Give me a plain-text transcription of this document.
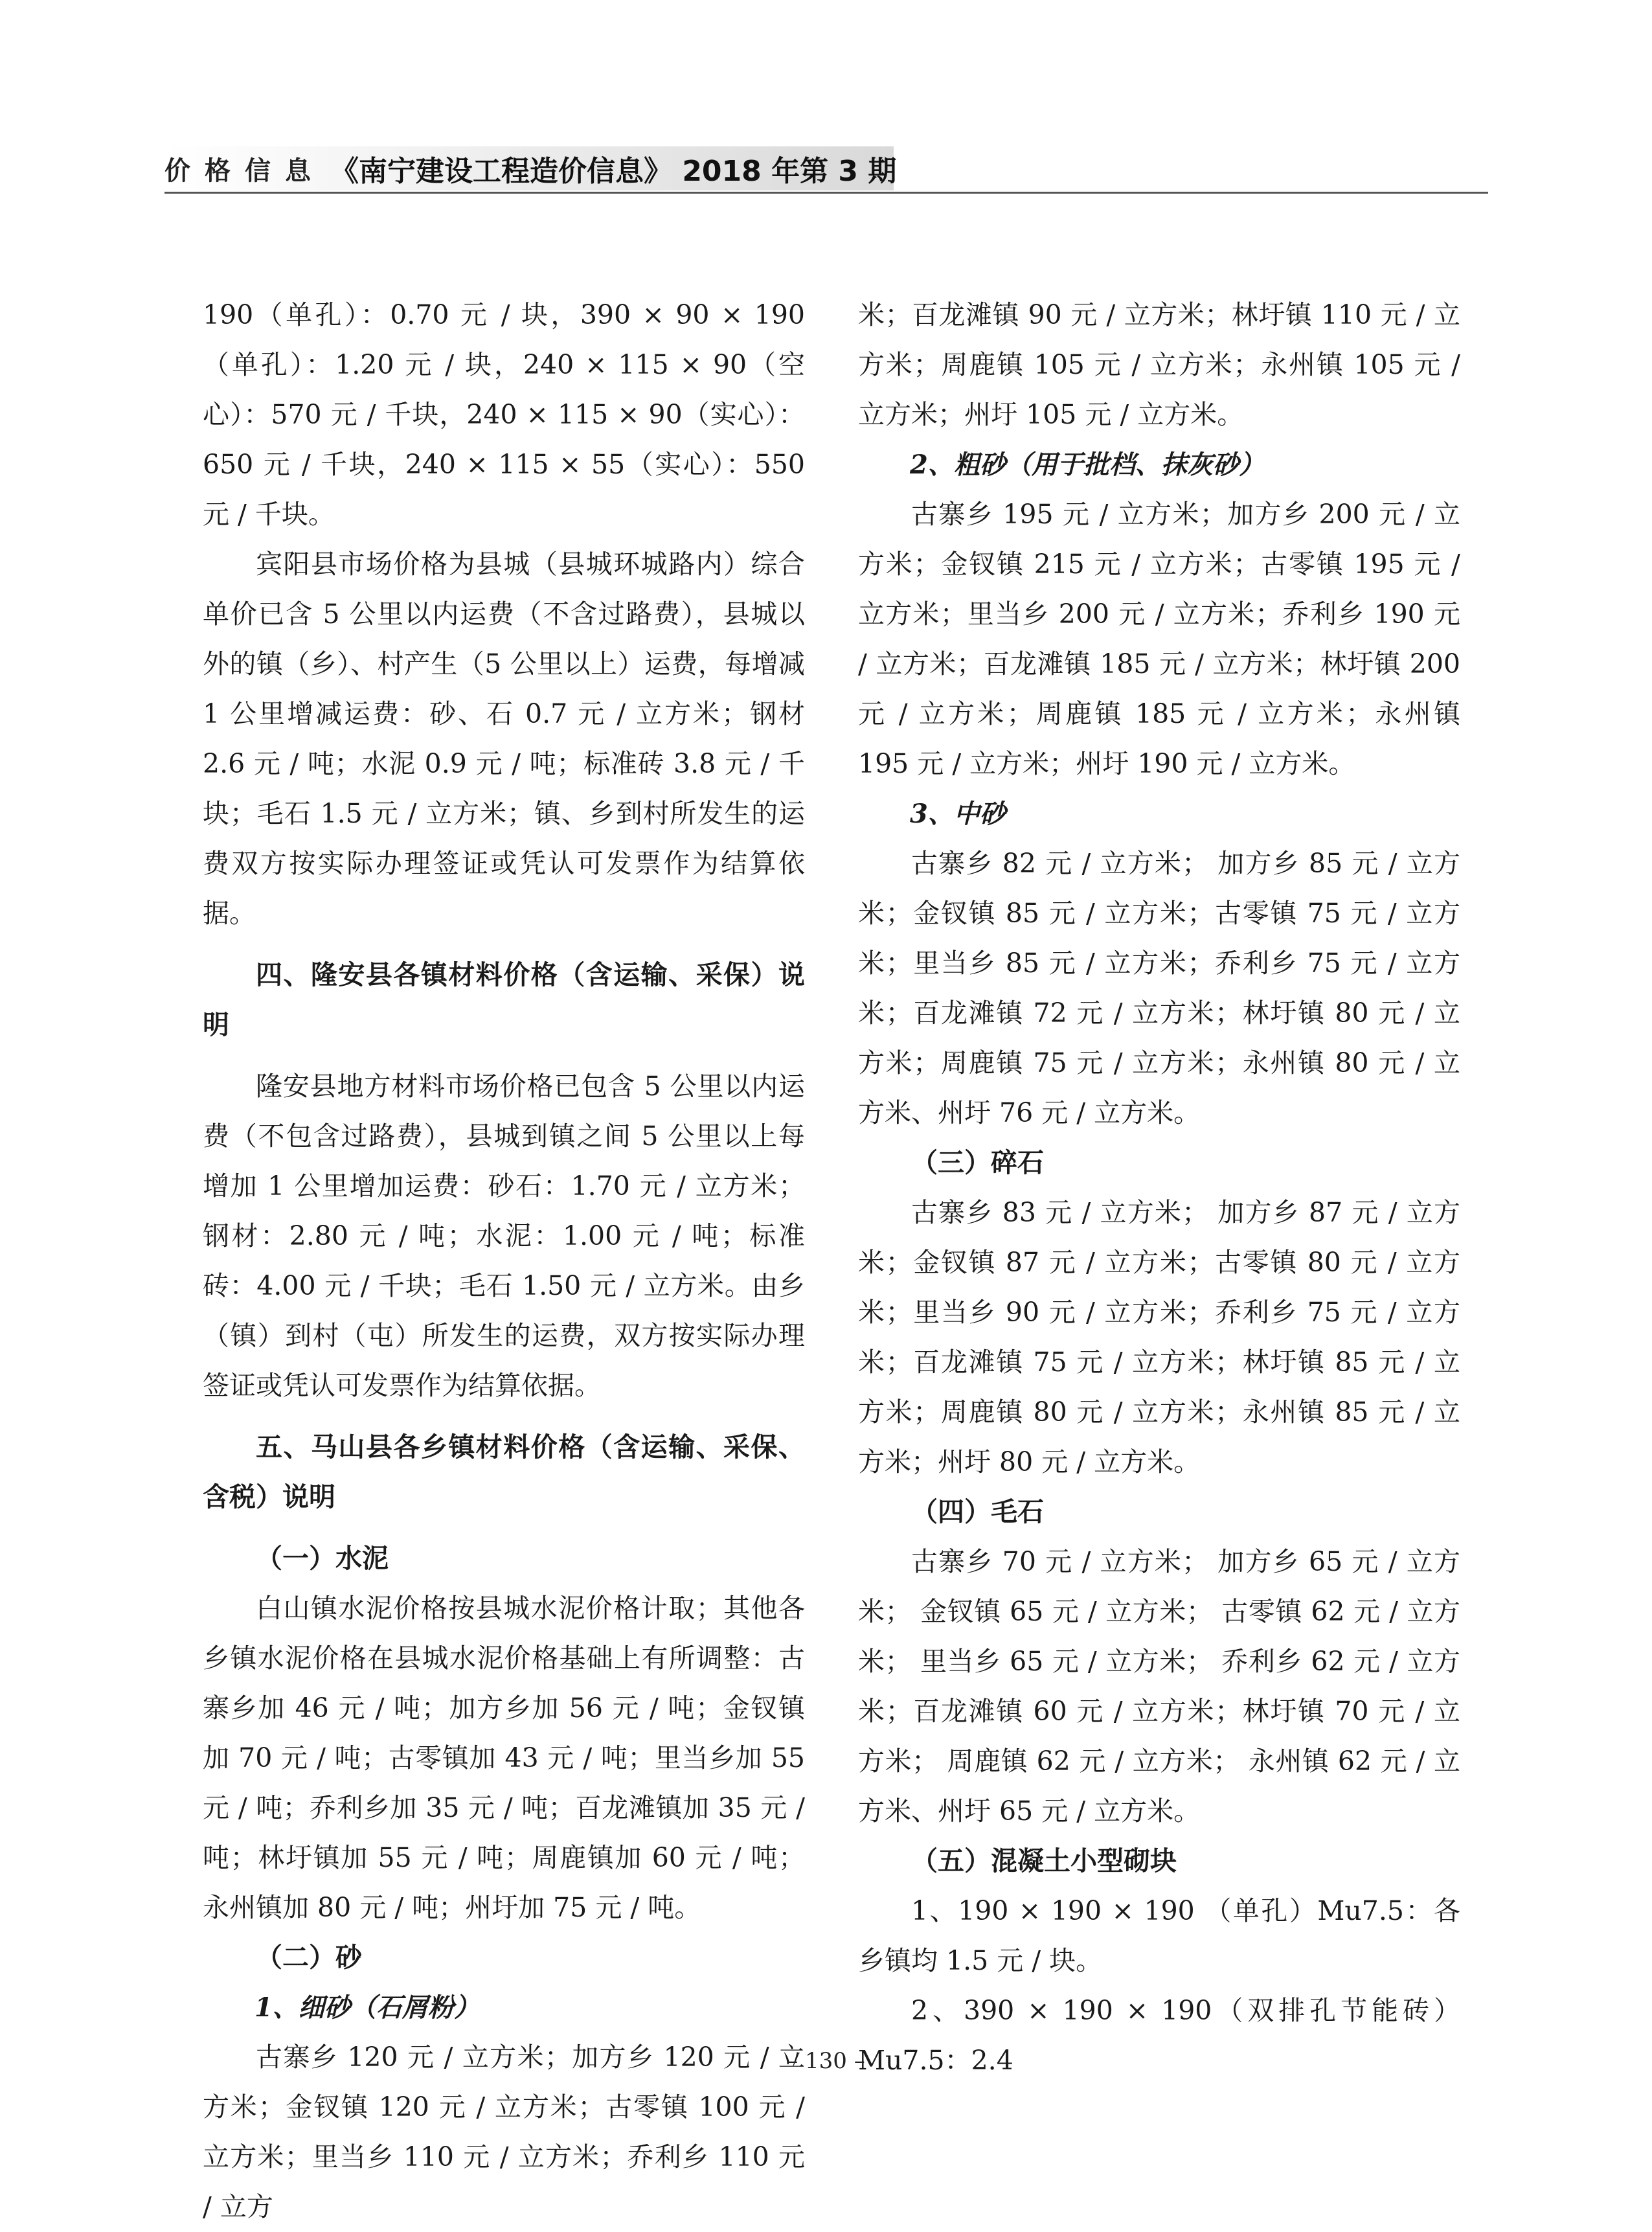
价格信息 《南宁建设工程造价信息》 2018 年第 3 期

190（单孔）：0.70 元 / 块，390 × 90 × 190（单孔）：1.20 元 / 块，240 × 115 × 90（空心）：570 元 / 千块，240 × 115 × 90（实心）：650 元 / 千块，240 × 115 × 55（实心）：550 元 / 千块。

宾阳县市场价格为县城（县城环城路内）综合单价已含 5 公里以内运费（不含过路费），县城以外的镇（乡）、村产生（5 公里以上）运费，每增减 1 公里增减运费：砂、石 0.7 元 / 立方米；钢材 2.6 元 / 吨；水泥 0.9 元 / 吨；标准砖 3.8 元 / 千块；毛石 1.5 元 / 立方米；镇、乡到村所发生的运费双方按实际办理签证或凭认可发票作为结算依据。

四、隆安县各镇材料价格（含运输、采保）说明

隆安县地方材料市场价格已包含 5 公里以内运费（不包含过路费），县城到镇之间 5 公里以上每增加 1 公里增加运费：砂石：1.70 元 / 立方米；钢材：2.80 元 / 吨；水泥：1.00 元 / 吨；标准砖：4.00 元 / 千块；毛石 1.50 元 / 立方米。由乡（镇）到村（屯）所发生的运费，双方按实际办理签证或凭认可发票作为结算依据。

五、马山县各乡镇材料价格（含运输、采保、含税）说明

（一）水泥

白山镇水泥价格按县城水泥价格计取；其他各乡镇水泥价格在县城水泥价格基础上有所调整：古寨乡加 46 元 / 吨；加方乡加 56 元 / 吨；金钗镇加 70 元 / 吨；古零镇加 43 元 / 吨；里当乡加 55 元 / 吨；乔利乡加 35 元 / 吨；百龙滩镇加 35 元 / 吨；林圩镇加 55 元 / 吨；周鹿镇加 60 元 / 吨；永州镇加 80 元 / 吨；州圩加 75 元 / 吨。

（二）砂

1、细砂（石屑粉）

古寨乡 120 元 / 立方米；加方乡 120 元 / 立方米；金钗镇 120 元 / 立方米；古零镇 100 元 / 立方米；里当乡 110 元 / 立方米；乔利乡 110 元 / 立方

米；百龙滩镇 90 元 / 立方米；林圩镇 110 元 / 立方米；周鹿镇 105 元 / 立方米；永州镇 105 元 / 立方米；州圩 105 元 / 立方米。

2、粗砂（用于批档、抹灰砂）

古寨乡 195 元 / 立方米；加方乡 200 元 / 立方米；金钗镇 215 元 / 立方米；古零镇 195 元 / 立方米；里当乡 200 元 / 立方米；乔利乡 190 元 / 立方米；百龙滩镇 185 元 / 立方米；林圩镇 200 元 / 立方米；周鹿镇 185 元 / 立方米；永州镇 195 元 / 立方米；州圩 190 元 / 立方米。

3、中砂

古寨乡 82 元 / 立方米； 加方乡 85 元 / 立方米；金钗镇 85 元 / 立方米；古零镇 75 元 / 立方米；里当乡 85 元 / 立方米；乔利乡 75 元 / 立方米；百龙滩镇 72 元 / 立方米；林圩镇 80 元 / 立方米；周鹿镇 75 元 / 立方米；永州镇 80 元 / 立方米、州圩 76 元 / 立方米。

（三）碎石

古寨乡 83 元 / 立方米； 加方乡 87 元 / 立方米；金钗镇 87 元 / 立方米；古零镇 80 元 / 立方米；里当乡 90 元 / 立方米；乔利乡 75 元 / 立方米；百龙滩镇 75 元 / 立方米；林圩镇 85 元 / 立方米；周鹿镇 80 元 / 立方米；永州镇 85 元 / 立方米；州圩 80 元 / 立方米。

（四）毛石

古寨乡 70 元 / 立方米； 加方乡 65 元 / 立方米； 金钗镇 65 元 / 立方米； 古零镇 62 元 / 立方米； 里当乡 65 元 / 立方米； 乔利乡 62 元 / 立方米；百龙滩镇 60 元 / 立方米；林圩镇 70 元 / 立方米； 周鹿镇 62 元 / 立方米； 永州镇 62 元 / 立方米、州圩 65 元 / 立方米。

（五）混凝土小型砌块

1、190 × 190 × 190 （单孔）Mu7.5：各乡镇均 1.5 元 / 块。

2、390 × 190 × 190（双排孔节能砖）Mu7.5：2.4

– 130 –
